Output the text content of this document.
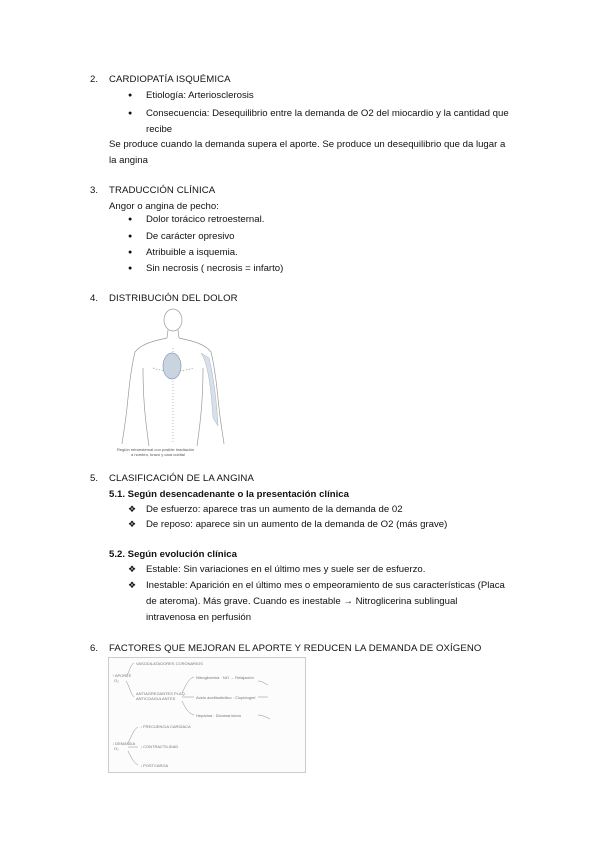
2. CARDIOPATÍA ISQUÉMICA
● Etiología: Arteriosclerosis
● Consecuencia: Desequilibrio entre la demanda de O2 del miocardio y la cantidad que
recibe
Se produce cuando la demanda supera el aporte. Se produce un desequilibrio que da lugar a
la angina
3. TRADUCCIÓN CLÍNICA
Angor o angina de pecho:
● Dolor torácico retroesternal.
● De carácter opresivo
● Atribuible a isquemia.
● Sin necrosis ( necrosis = infarto)
4. DISTRIBUCIÓN DEL DOLOR
Región retroesternal con posible irradiación
a hombro, brazo y cara cubital
5. CLASIFICACIÓN DE LA ANGINA
5.1. Según desencadenante o la presentación clínica
❖ De esfuerzo: aparece tras un aumento de la demanda de 02
❖ De reposo: aparece sin un aumento de la demanda de O2 (más grave)
5.2. Según evolución clínica
❖ Estable: Sin variaciones en el último mes y suele ser de esfuerzo.
❖ Inestable: Aparición en el último mes o empeoramiento de sus características (Placa
de ateroma). Más grave. Cuando es inestable → Nitroglicerina sublingual
intravenosa en perfusión
6. FACTORES QUE MEJORAN EL APORTE Y REDUCEN LA DEMANDA DE OXÍGENO
↑ APORTE
O₂
VASODILATADORES CORONARIOS
ANTIAGREGANTES PLAQ.
ANTICOAGULANTES
Nitroglicerina · NO → Relajación
Ácido acetilsalicílico · Clopidogrel
Heparina · Dicumarínicos
↓ DEMANDA
O₂
↓ FRECUENCIA CARDÍACA
↓ CONTRACTILIDAD
↓ POSTCARGA
